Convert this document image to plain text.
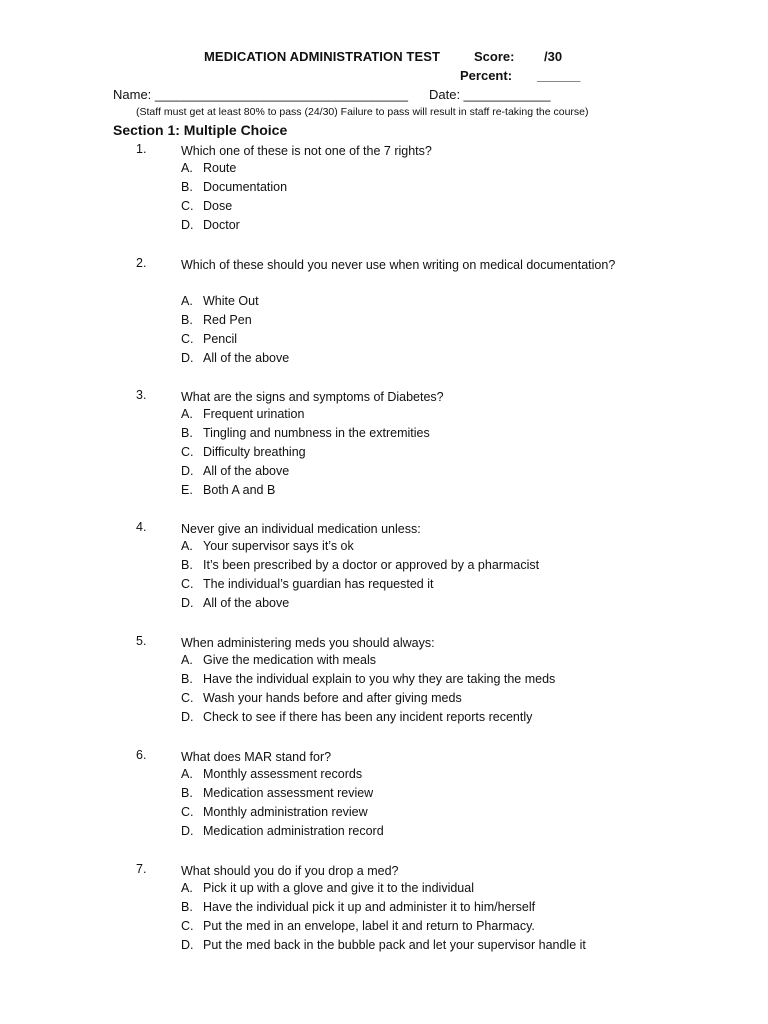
MEDICATION ADMINISTRATION TEST	Score: /30
Percent: ______
Name: ___________________________________ Date: ____________
(Staff must get at least 80% to pass (24/30) Failure to pass will result in staff re-taking the course)
Section 1: Multiple Choice
1.	Which one of these is not one of the 7 rights?
A. Route
B. Documentation
C. Dose
D. Doctor
2.	Which of these should you never use when writing on medical documentation?
A. White Out
B. Red Pen
C. Pencil
D. All of the above
3.	What are the signs and symptoms of Diabetes?
A. Frequent urination
B. Tingling and numbness in the extremities
C. Difficulty breathing
D. All of the above
E. Both A and B
4.	Never give an individual medication unless:
A. Your supervisor says it’s ok
B. It’s been prescribed by a doctor or approved by a pharmacist
C. The individual’s guardian has requested it
D. All of the above
5.	When administering meds you should always:
A. Give the medication with meals
B. Have the individual explain to you why they are taking the meds
C. Wash your hands before and after giving meds
D. Check to see if there has been any incident reports recently
6.	What does MAR stand for?
A. Monthly assessment records
B. Medication assessment review
C. Monthly administration review
D. Medication administration record
7.	What should you do if you drop a med?
A. Pick it up with a glove and give it to the individual
B. Have the individual pick it up and administer it to him/herself
C. Put the med in an envelope, label it and return to Pharmacy.
D. Put the med back in the bubble pack and let your supervisor handle it
